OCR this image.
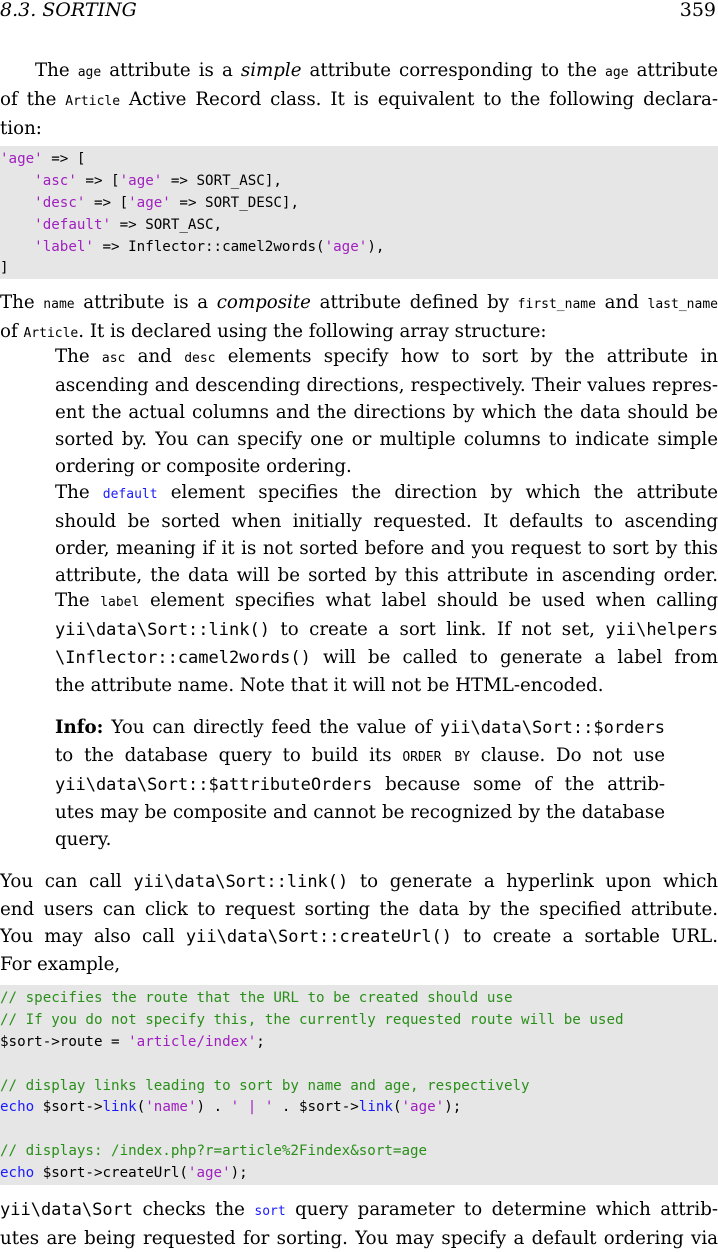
8.3. SORTING	359
The age attribute is a simple attribute corresponding to the age attribute
of the Article Active Record class. It is equivalent to the following declara-
tion:
'age' => [
'asc' => ['age' => SORT_ASC],
'desc' => ['age' => SORT_DESC],
'default' => SORT_ASC,
'label' => Inflector::camel2words('age'),
]
The name attribute is a composite attribute defined by first_name and last_name
of Article. It is declared using the following array structure:
The asc and desc elements specify how to sort by the attribute in
ascending and descending directions, respectively. Their values repres-
ent the actual columns and the directions by which the data should be
sorted by. You can specify one or multiple columns to indicate simple
ordering or composite ordering.
The default element specifies the direction by which the attribute
should be sorted when initially requested. It defaults to ascending
order, meaning if it is not sorted before and you request to sort by this
attribute, the data will be sorted by this attribute in ascending order.
The label element specifies what label should be used when calling
yii\data\Sort::link() to create a sort link. If not set, yii\helpers
\Inflector::camel2words() will be called to generate a label from
the attribute name. Note that it will not be HTML-encoded.
Info: You can directly feed the value of yii\data\Sort::$orders
to the database query to build its ORDER BY clause. Do not use
yii\data\Sort::$attributeOrders because some of the attrib-
utes may be composite and cannot be recognized by the database
query.
You can call yii\data\Sort::link() to generate a hyperlink upon which
end users can click to request sorting the data by the specified attribute.
You may also call yii\data\Sort::createUrl() to create a sortable URL.
For example,
// specifies the route that the URL to be created should use
// If you do not specify this, the currently requested route will be used
$sort->route = 'article/index';
// display links leading to sort by name and age, respectively
echo $sort->link('name') . ' | ' . $sort->link('age');
// displays: /index.php?r=article%2Findex&sort=age
echo $sort->createUrl('age');
yii\data\Sort checks the sort query parameter to determine which attrib-
utes are being requested for sorting. You may specify a default ordering via
